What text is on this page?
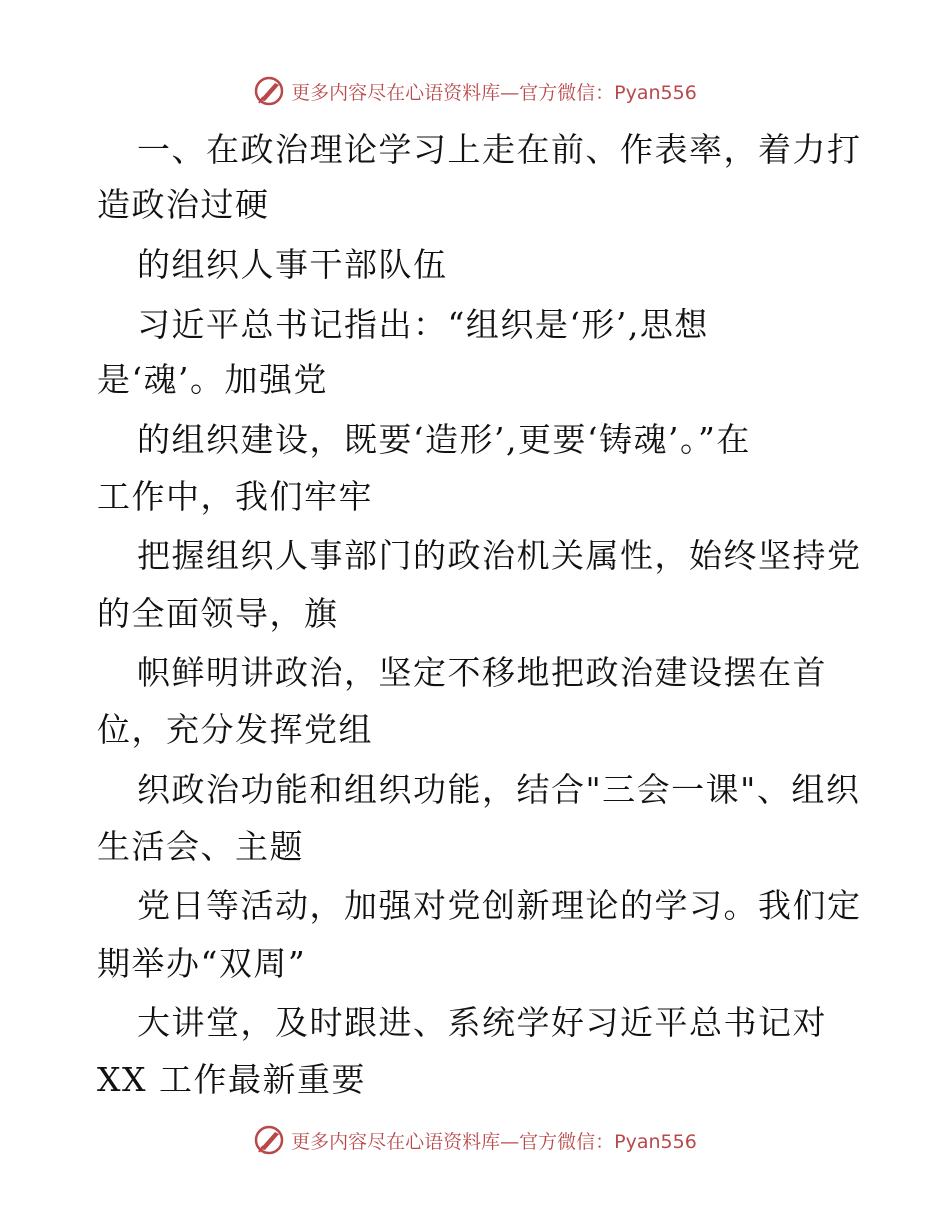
更多内容尽在心语资料库—官方微信：Pyan556
一、在政治理论学习上走在前、作表率，着力打
造政治过硬
的组织人事干部队伍
习近平总书记指出：“组织是‘形’,思想
是‘魂’。加强党
的组织建设，既要‘造形’,更要‘铸魂’。”在
工作中，我们牢牢
把握组织人事部门的政治机关属性，始终坚持党
的全面领导，旗
帜鲜明讲政治，坚定不移地把政治建设摆在首
位，充分发挥党组
织政治功能和组织功能，结合"三会一课"、组织
生活会、主题
党日等活动，加强对党创新理论的学习。我们定
期举办“双周”
大讲堂，及时跟进、系统学好习近平总书记对
XX 工作最新重要
更多内容尽在心语资料库—官方微信：Pyan556
